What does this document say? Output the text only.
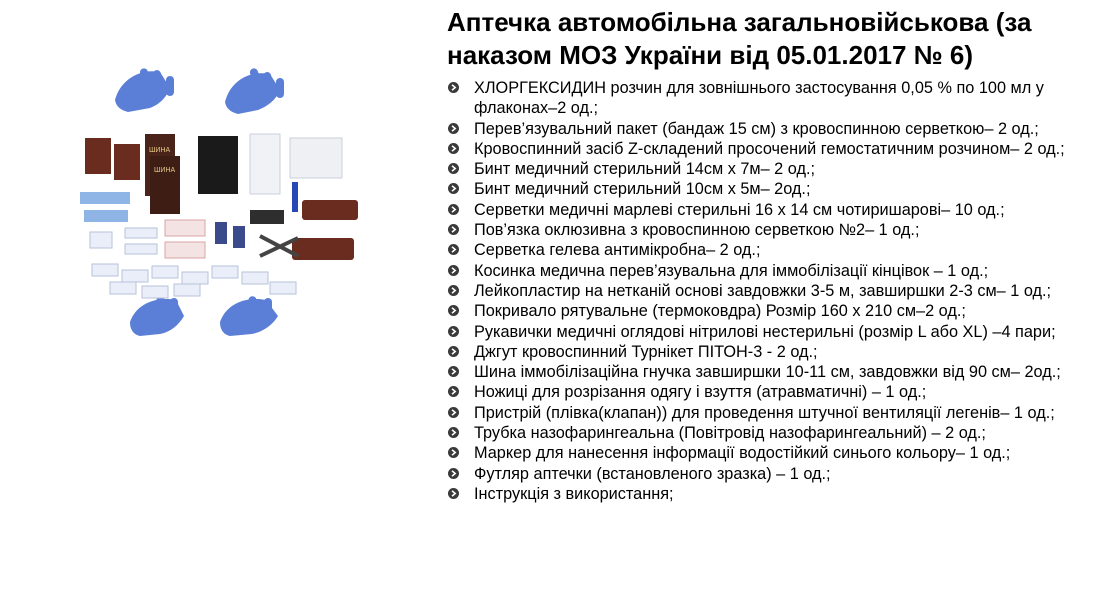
ШИНА
ШИНА
Аптечка автомобільна загальновійськова (за наказом МОЗ України від 05.01.2017 № 6)
ХЛОРГЕКСИДИН розчин для зовнішнього застосування 0,05 % по 100 мл у флаконах–2 од.;
Перев’язувальний пакет (бандаж 15 см) з кровоспинною серветкою– 2 од.;
Кровоспинний засіб Z-складений просочений гемостатичним розчином– 2 од.;
Бинт медичний стерильний 14см х 7м– 2 од.;
Бинт медичний стерильний 10см х 5м– 2од.;
Серветки медичні марлеві стерильні 16 х 14 см чотиришарові– 10 од.;
Пов’язка оклюзивна з кровоспинною серветкою №2– 1 од.;
Серветка гелева антимікробна– 2 од.;
Косинка медична перев’язувальна для іммобілізації кінцівок – 1 од.;
Лейкопластир на нетканій основі завдовжки 3-5 м, завширшки 2-3 см– 1 од.;
Покривало рятувальне (термоковдра) Розмір 160 х 210 см–2 од.;
Рукавички медичні оглядові нітрилові нестерильні (розмір L або XL) –4 пари;
Джгут кровоспинний Турнікет ПІТОН-3 - 2 од.;
Шина іммобілізаційна гнучка завширшки 10-11 см, завдовжки від 90 см– 2од.;
Ножиці для розрізання одягу і взуття (атравматичні) – 1 од.;
Пристрій (плівка(клапан)) для проведення штучної вентиляції легенів– 1 од.;
Трубка назофарингеальна (Повітровід назофарингеальний) – 2 од.;
Маркер для нанесення інформації водостійкий синього кольору– 1 од.;
Футляр аптечки (встановленого зразка) – 1 од.;
Інструкція з використання;
